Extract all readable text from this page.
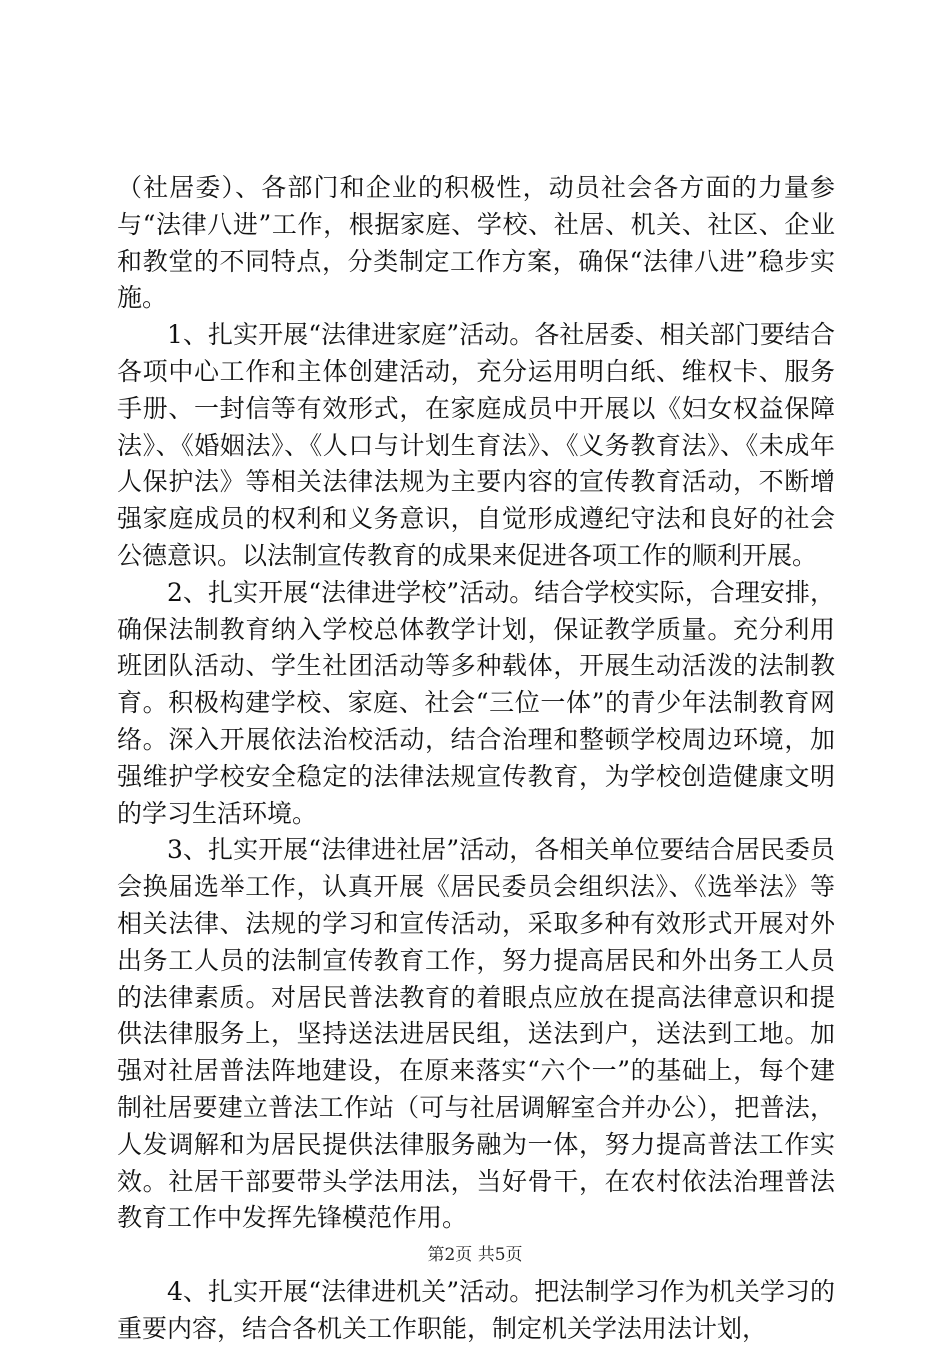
（社居委）、各部门和企业的积极性，动员社会各方面的力量参与“法律八进”工作，根据家庭、学校、社居、机关、社区、企业和教堂的不同特点，分类制定工作方案，确保“法律八进”稳步实施。

1、扎实开展“法律进家庭”活动。各社居委、相关部门要结合各项中心工作和主体创建活动，充分运用明白纸、维权卡、服务手册、一封信等有效形式，在家庭成员中开展以《妇女权益保障法》、《婚姻法》、《人口与计划生育法》、《义务教育法》、《未成年人保护法》等相关法律法规为主要内容的宣传教育活动，不断增强家庭成员的权利和义务意识，自觉形成遵纪守法和良好的社会公德意识。以法制宣传教育的成果来促进各项工作的顺利开展。

2、扎实开展“法律进学校”活动。结合学校实际，合理安排，确保法制教育纳入学校总体教学计划，保证教学质量。充分利用班团队活动、学生社团活动等多种载体，开展生动活泼的法制教育。积极构建学校、家庭、社会“三位一体”的青少年法制教育网络。深入开展依法治校活动，结合治理和整顿学校周边环境，加强维护学校安全稳定的法律法规宣传教育，为学校创造健康文明的学习生活环境。

3、扎实开展“法律进社居”活动，各相关单位要结合居民委员会换届选举工作，认真开展《居民委员会组织法》、《选举法》等相关法律、法规的学习和宣传活动，采取多种有效形式开展对外出务工人员的法制宣传教育工作，努力提高居民和外出务工人员的法律素质。对居民普法教育的着眼点应放在提高法律意识和提供法律服务上，坚持送法进居民组，送法到户，送法到工地。加强对社居普法阵地建设，在原来落实“六个一”的基础上，每个建制社居要建立普法工作站（可与社居调解室合并办公），把普法，人发调解和为居民提供法律服务融为一体，努力提高普法工作实效。社居干部要带头学法用法，当好骨干，在农村依法治理普法教育工作中发挥先锋模范作用。

4、扎实开展“法律进机关”活动。把法制学习作为机关学习的重要内容，结合各机关工作职能，制定机关学法用法计划，

第2页 共5页
